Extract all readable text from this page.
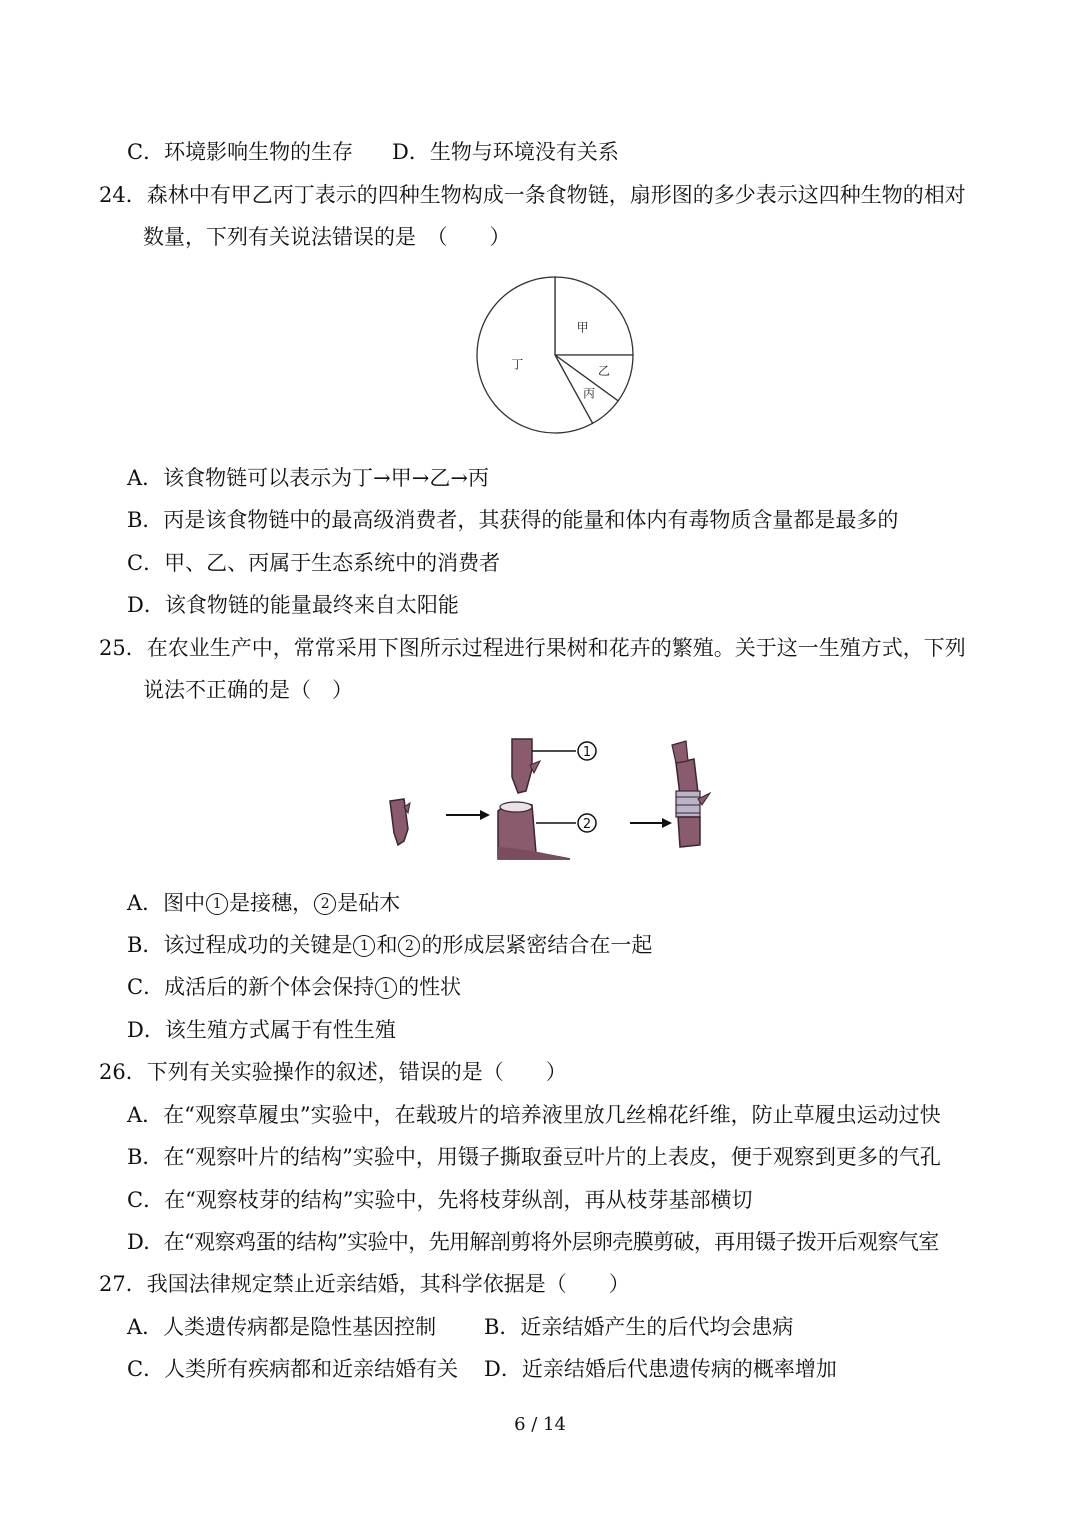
C．环境影响生物的生存 D．生物与环境没有关系
24．森林中有甲乙丙丁表示的四种生物构成一条食物链，扇形图的多少表示这四种生物的相对
数量，下列有关说法错误的是　（　　）
甲
乙
丙
丁
A．该食物链可以表示为丁→甲→乙→丙
B．丙是该食物链中的最高级消费者，其获得的能量和体内有毒物质含量都是最多的
C．甲、乙、丙属于生态系统中的消费者
D．该食物链的能量最终来自太阳能
25．在农业生产中，常常采用下图所示过程进行果树和花卉的繁殖。关于这一生殖方式，下列
说法不正确的是（　）
1
2
A．图中 1 是接穗， 2 是砧木
B．该过程成功的关键是 1 和 2 的形成层紧密结合在一起
C．成活后的新个体会保持 1 的性状
D．该生殖方式属于有性生殖
26．下列有关实验操作的叙述，错误的是（　　）
A．在“观察草履虫”实验中，在载玻片的培养液里放几丝棉花纤维，防止草履虫运动过快
B．在“观察叶片的结构”实验中，用镊子撕取蚕豆叶片的上表皮，便于观察到更多的气孔
C．在“观察枝芽的结构”实验中，先将枝芽纵剖，再从枝芽基部横切
D．在“观察鸡蛋的结构”实验中，先用解剖剪将外层卵壳膜剪破，再用镊子拨开后观察气室
27．我国法律规定禁止近亲结婚，其科学依据是（　　）
A．人类遗传病都是隐性基因控制 B．近亲结婚产生的后代均会患病
C．人类所有疾病都和近亲结婚有关 D．近亲结婚后代患遗传病的概率增加
6 / 14
